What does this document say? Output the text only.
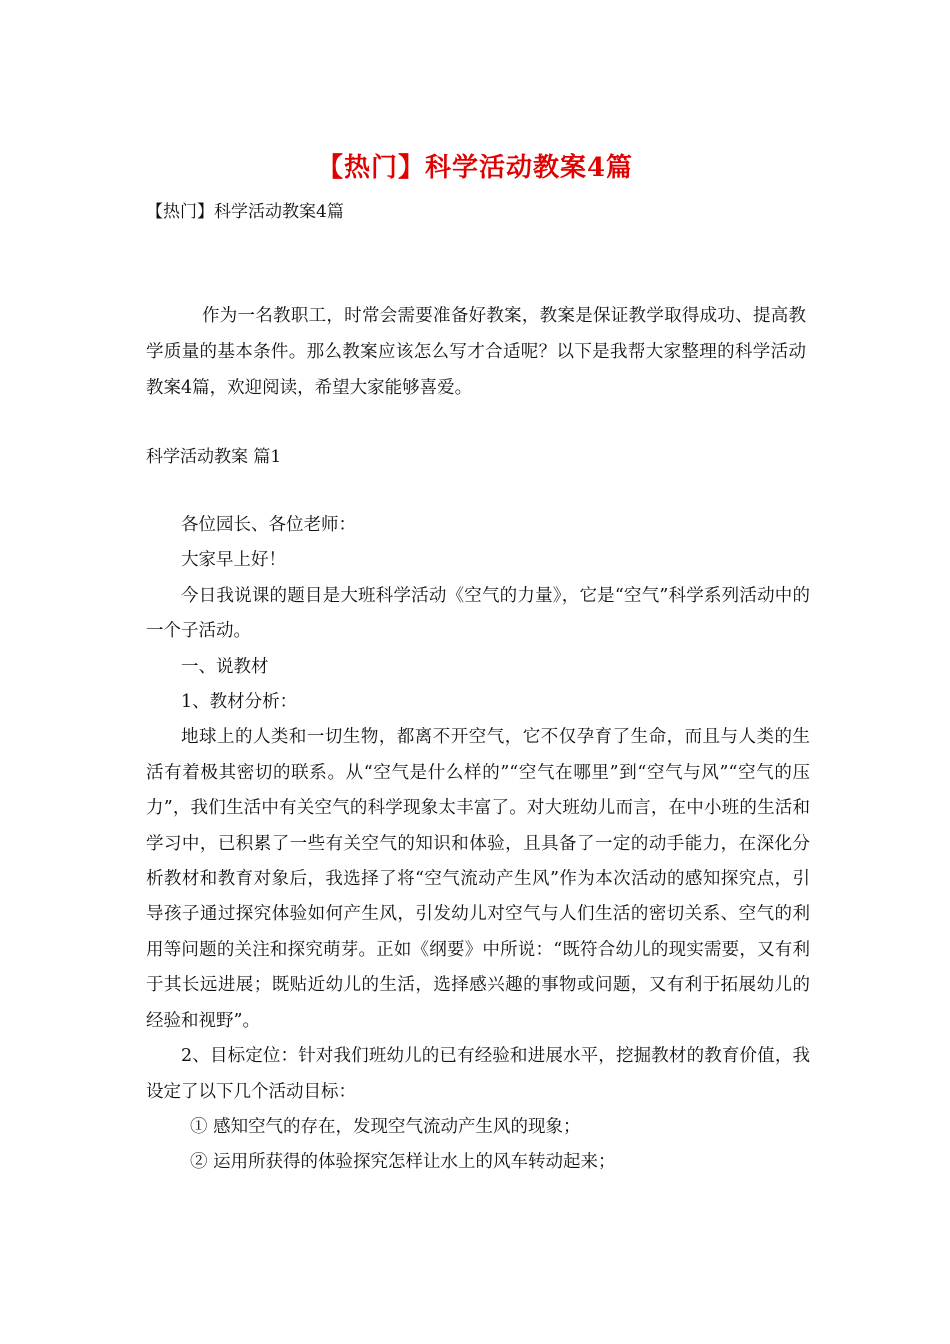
【热门】科学活动教案4篇
【热门】科学活动教案4篇

作为一名教职工，时常会需要准备好教案，教案是保证教学取得成功、提高教学质量的基本条件。那么教案应该怎么写才合适呢？以下是我帮大家整理的科学活动教案4篇，欢迎阅读，希望大家能够喜爱。

科学活动教案 篇1

各位园长、各位老师：

大家早上好！

今日我说课的题目是大班科学活动《空气的力量》，它是“空气”科学系列活动中的一个子活动。

一、说教材

1、教材分析：

地球上的人类和一切生物，都离不开空气，它不仅孕育了生命，而且与人类的生活有着极其密切的联系。从“空气是什么样的”“空气在哪里”到“空气与风”“空气的压力”，我们生活中有关空气的科学现象太丰富了。对大班幼儿而言，在中小班的生活和学习中，已积累了一些有关空气的知识和体验，且具备了一定的动手能力，在深化分析教材和教育对象后，我选择了将“空气流动产生风”作为本次活动的感知探究点，引导孩子通过探究体验如何产生风，引发幼儿对空气与人们生活的密切关系、空气的利用等问题的关注和探究萌芽。正如《纲要》中所说：“既符合幼儿的现实需要，又有利于其长远进展；既贴近幼儿的生活，选择感兴趣的事物或问题，又有利于拓展幼儿的经验和视野”。

2、目标定位：针对我们班幼儿的已有经验和进展水平，挖掘教材的教育价值，我设定了以下几个活动目标：

① 感知空气的存在，发现空气流动产生风的现象；

② 运用所获得的体验探究怎样让水上的风车转动起来；
